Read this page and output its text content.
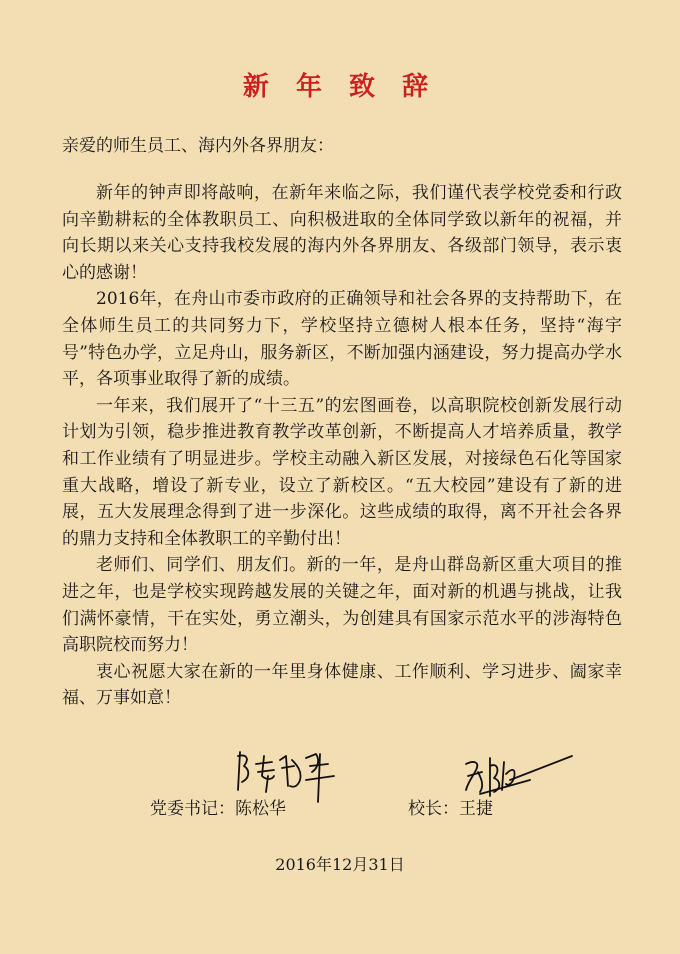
新 年 致 辞
亲爱的师生员工、海内外各界朋友：

新年的钟声即将敲响，在新年来临之际，我们谨代表学校党委和行政向辛勤耕耘的全体教职员工、向积极进取的全体同学致以新年的祝福，并向长期以来关心支持我校发展的海内外各界朋友、各级部门领导，表示衷心的感谢！

2016年，在舟山市委市政府的正确领导和社会各界的支持帮助下，在全体师生员工的共同努力下，学校坚持立德树人根本任务，坚持“海宇号”特色办学，立足舟山，服务新区，不断加强内涵建设，努力提高办学水平，各项事业取得了新的成绩。

一年来，我们展开了“十三五”的宏图画卷，以高职院校创新发展行动计划为引领，稳步推进教育教学改革创新，不断提高人才培养质量，教学和工作业绩有了明显进步。学校主动融入新区发展，对接绿色石化等国家重大战略，增设了新专业，设立了新校区。“五大校园”建设有了新的进展，五大发展理念得到了进一步深化。这些成绩的取得，离不开社会各界的鼎力支持和全体教职工的辛勤付出！

老师们、同学们、朋友们。新的一年，是舟山群岛新区重大项目的推进之年，也是学校实现跨越发展的关键之年，面对新的机遇与挑战，让我们满怀豪情，干在实处，勇立潮头，为创建具有国家示范水平的涉海特色高职院校而努力！

衷心祝愿大家在新的一年里身体健康、工作顺利、学习进步、阖家幸福、万事如意！

党委书记：陈松华	校长：王捷
2016年12月31日
